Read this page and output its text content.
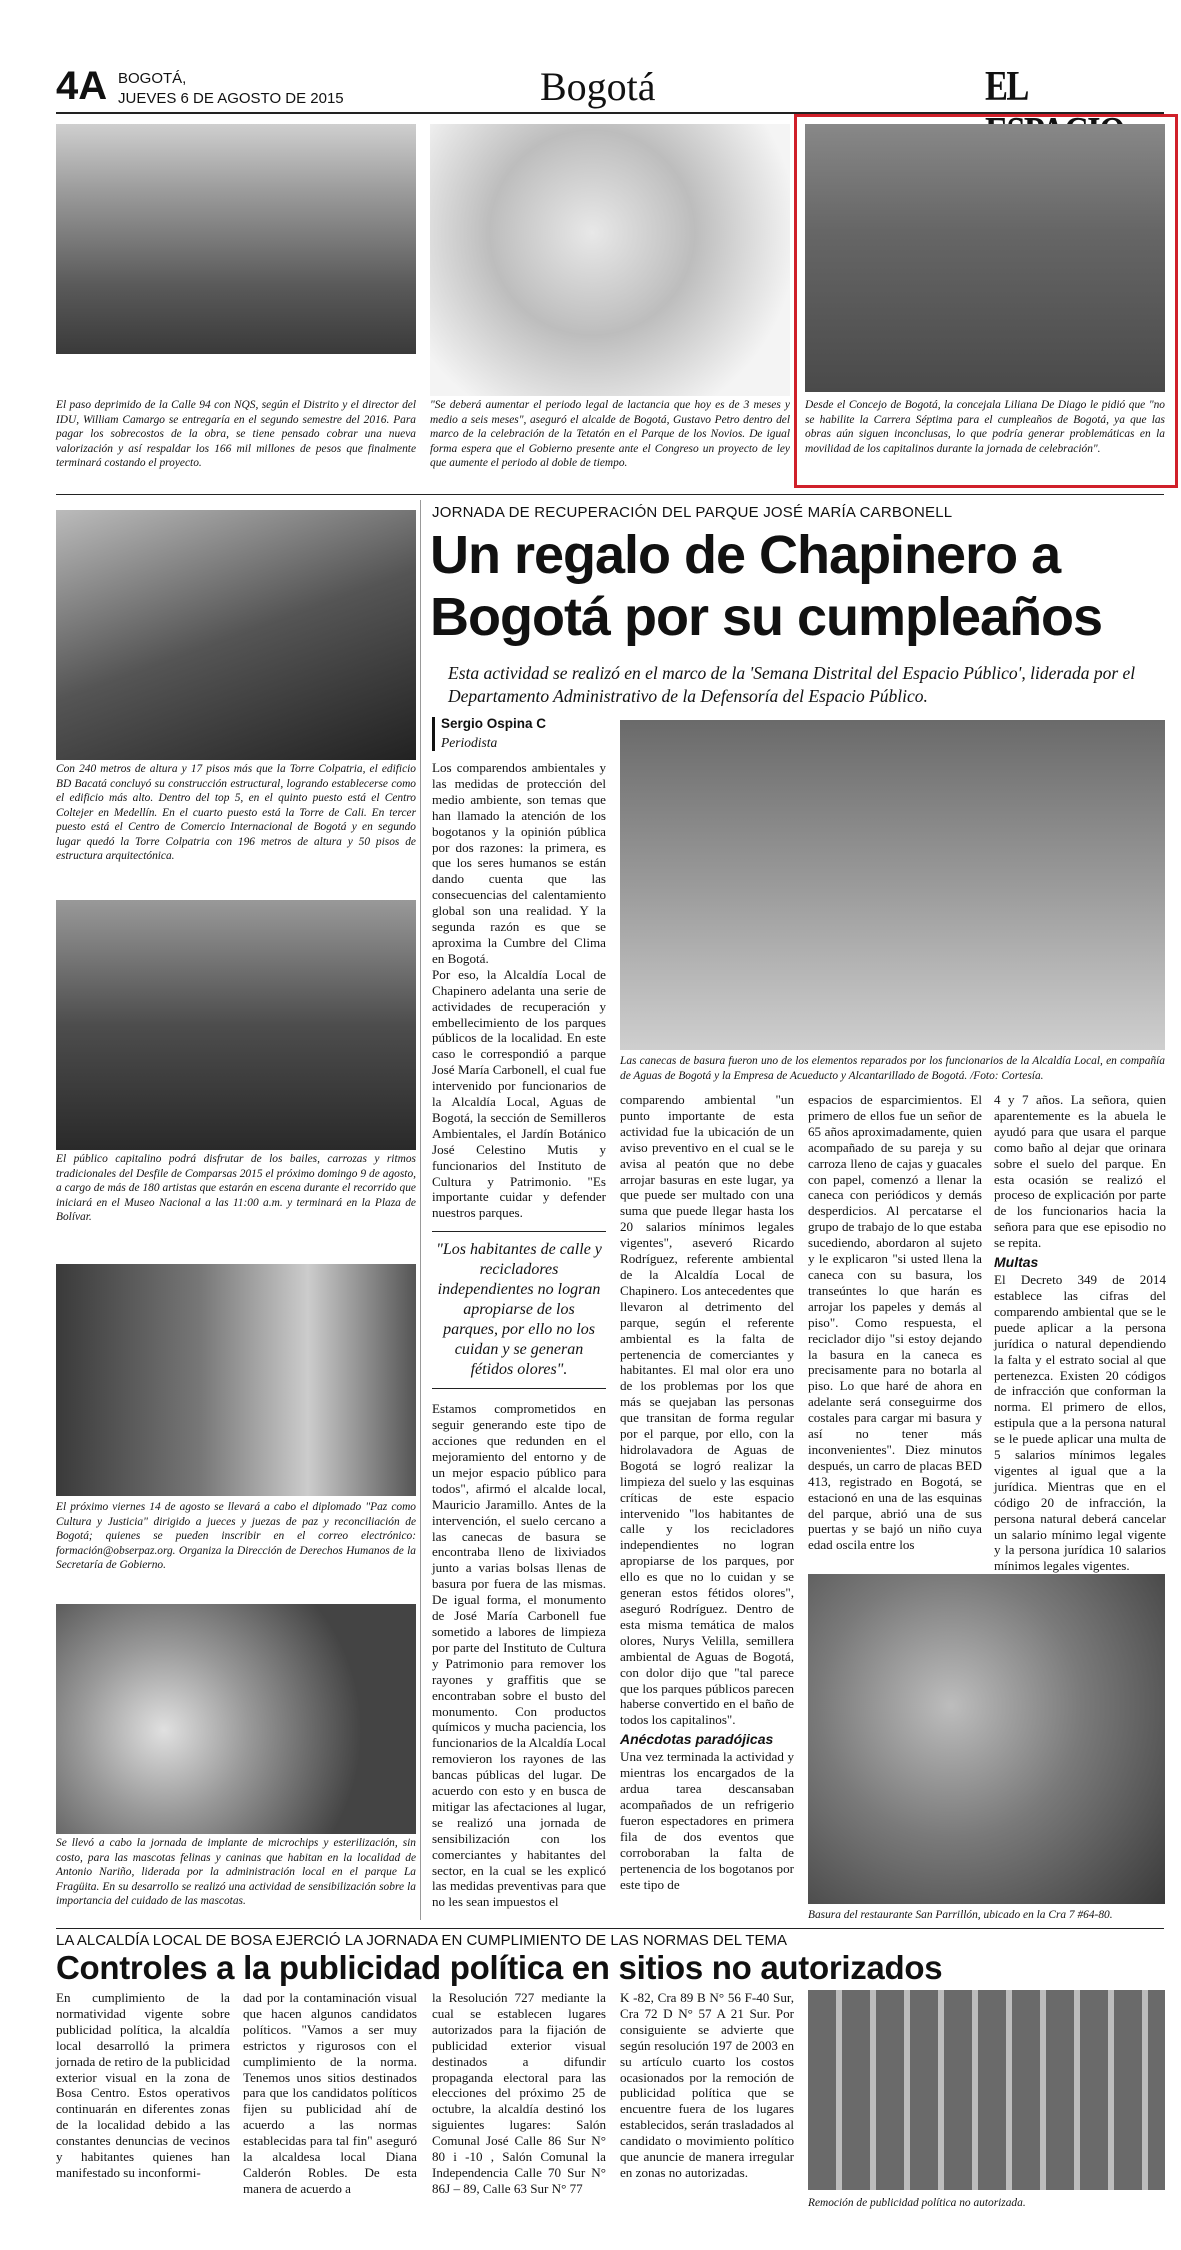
4A BOGOTÁ,
JUEVES 6 DE AGOSTO DE 2015	Bogotá	EL
El paso deprimido de la Calle 94 con NQS, según el Distrito y el director del IDU, William Camargo se entregaría en el segundo semestre del 2016. Para pagar los sobrecostos de la obra, se tiene pensado cobrar una nueva valorización y así respaldar los 166 mil millones de pesos que finalmente terminará costando el proyecto.
"Se deberá aumentar el periodo legal de lactancia que hoy es de 3 meses y medio a seis meses", aseguró el alcalde de Bogotá, Gustavo Petro dentro del marco de la celebración de la Tetatón en el Parque de los Novios. De igual forma espera que el Gobierno presente ante el Congreso un proyecto de ley que aumente el periodo al doble de tiempo.
Desde el Concejo de Bogotá, la concejala Liliana De Diago le pidió que "no se habilite la Carrera Séptima para el cumpleaños de Bogotá, ya que las obras aún siguen inconclusas, lo que podría generar problemáticas en la movilidad de los capitalinos durante la jornada de celebración".
Con 240 metros de altura y 17 pisos más que la Torre Colpatria, el edificio BD Bacatá concluyó su construcción estructural, logrando establecerse como el edificio más alto. Dentro del top 5, en el quinto puesto está el Centro Coltejer en Medellín. En el cuarto puesto está la Torre de Cali. En tercer puesto está el Centro de Comercio Internacional de Bogotá y en segundo lugar quedó la Torre Colpatria con 196 metros de altura y 50 pisos de estructura arquitectónica.
El público capitalino podrá disfrutar de los bailes, carrozas y ritmos tradicionales del Desfile de Comparsas 2015 el próximo domingo 9 de agosto, a cargo de más de 180 artistas que estarán en escena durante el recorrido que iniciará en el Museo Nacional a las 11:00 a.m. y terminará en la Plaza de Bolívar.
El próximo viernes 14 de agosto se llevará a cabo el diplomado "Paz como Cultura y Justicia" dirigido a jueces y juezas de paz y reconciliación de Bogotá; quienes se pueden inscribir en el correo electrónico: formación@obserpaz.org. Organiza la Dirección de Derechos Humanos de la Secretaría de Gobierno.
Se llevó a cabo la jornada de implante de microchips y esterilización, sin costo, para las mascotas felinas y caninas que habitan en la localidad de Antonio Nariño, liderada por la administración local en el parque La Fragüita. En su desarrollo se realizó una actividad de sensibilización sobre la importancia del cuidado de las mascotas.
JORNADA DE RECUPERACIÓN DEL PARQUE JOSÉ MARÍA CARBONELL
Un regalo de Chapinero a Bogotá por su cumpleaños
Esta actividad se realizó en el marco de la 'Semana Distrital del Espacio Público', liderada por el Departamento Administrativo de la Defensoría del Espacio Público.
Sergio Ospina C
Periodista

Los comparendos ambientales y las medidas de protección del medio ambiente, son temas que han llamado la atención de los bogotanos y la opinión pública por dos razones: la primera, es que los seres humanos se están dando cuenta que las consecuencias del calentamiento global son una realidad. Y la segunda razón es que se aproxima la Cumbre del Clima en Bogotá.

Por eso, la Alcaldía Local de Chapinero adelanta una serie de actividades de recuperación y embellecimiento de los parques públicos de la localidad. En este caso le correspondió a parque José María Carbonell, el cual fue intervenido por funcionarios de la Alcaldía Local, Aguas de Bogotá, la sección de Semilleros Ambientales, el Jardín Botánico José Celestino Mutis y funcionarios del Instituto de Cultura y Patrimonio. "Es importante cuidar y defender nuestros parques.

"Los habitantes de calle y recicladores independientes no logran apropiarse de los parques, por ello no los cuidan y se generan fétidos olores".

Estamos comprometidos en seguir generando este tipo de acciones que redunden en el mejoramiento del entorno y de un mejor espacio público para todos", afirmó el alcalde local, Mauricio Jaramillo. Antes de la intervención, el suelo cercano a las canecas de basura se encontraba lleno de lixiviados junto a varias bolsas llenas de basura por fuera de las mismas. De igual forma, el monumento de José María Carbonell fue sometido a labores de limpieza por parte del Instituto de Cultura y Patrimonio para remover los rayones y graffitis que se encontraban sobre el busto del monumento. Con productos químicos y mucha paciencia, los funcionarios de la Alcaldía Local removieron los rayones de las bancas públicas del lugar. De acuerdo con esto y en busca de mitigar las afectaciones al lugar, se realizó una jornada de sensibilización con los comerciantes y habitantes del sector, en la cual se les explicó las medidas preventivas para que no les sean impuestos el

Las canecas de basura fueron uno de los elementos reparados por los funcionarios de la Alcaldía Local, en compañía de Aguas de Bogotá y la Empresa de Acueducto y Alcantarillado de Bogotá. /Foto: Cortesía.

comparendo ambiental "un punto importante de esta actividad fue la ubicación de un aviso preventivo en el cual se le avisa al peatón que no debe arrojar basuras en este lugar, ya que puede ser multado con una suma que puede llegar hasta los 20 salarios mínimos legales vigentes", aseveró Ricardo Rodríguez, referente ambiental de la Alcaldía Local de Chapinero. Los antecedentes que llevaron al detrimento del parque, según el referente ambiental es la falta de pertenencia de comerciantes y habitantes. El mal olor era uno de los problemas por los que más se quejaban las personas que transitan de forma regular por el parque, por ello, con la hidrolavadora de Aguas de Bogotá se logró realizar la limpieza del suelo y las esquinas críticas de este espacio intervenido "los habitantes de calle y los recicladores independientes no logran apropiarse de los parques, por ello es que no lo cuidan y se generan estos fétidos olores", aseguró Rodríguez. Dentro de esta misma temática de malos olores, Nurys Velilla, semillera ambiental de Aguas de Bogotá, con dolor dijo que "tal parece que los parques públicos parecen haberse convertido en el baño de todos los capitalinos".

Anécdotas paradójicas

Una vez terminada la actividad y mientras los encargados de la ardua tarea descansaban acompañados de un refrigerio fueron espectadores en primera fila de dos eventos que corroboraban la falta de pertenencia de los bogotanos por este tipo de

espacios de esparcimientos. El primero de ellos fue un señor de 65 años aproximadamente, quien acompañado de su pareja y su carroza lleno de cajas y guacales con papel, comenzó a llenar la caneca con periódicos y demás desperdicios. Al percatarse el grupo de trabajo de lo que estaba sucediendo, abordaron al sujeto y le explicaron "si usted llena la caneca con su basura, los transeúntes lo que harán es arrojar los papeles y demás al piso". Como respuesta, el reciclador dijo "si estoy dejando la basura en la caneca es precisamente para no botarla al piso. Lo que haré de ahora en adelante será conseguirme dos costales para cargar mi basura y así no tener más inconvenientes". Diez minutos después, un carro de placas BED 413, registrado en Bogotá, se estacionó en una de las esquinas del parque, abrió una de sus puertas y se bajó un niño cuya edad oscila entre los

4 y 7 años. La señora, quien aparentemente es la abuela le ayudó para que usara el parque como baño al dejar que orinara sobre el suelo del parque. En esta ocasión se realizó el proceso de explicación por parte de los funcionarios hacia la señora para que ese episodio no se repita.

Multas

El Decreto 349 de 2014 establece las cifras del comparendo ambiental que se le puede aplicar a la persona jurídica o natural dependiendo la falta y el estrato social al que pertenezca. Existen 20 códigos de infracción que conforman la norma. El primero de ellos, estipula que a la persona natural se le puede aplicar una multa de 5 salarios mínimos legales vigentes al igual que a la jurídica. Mientras que en el código 20 de infracción, la persona natural deberá cancelar un salario mínimo legal vigente y la persona jurídica 10 salarios mínimos legales vigentes.

Basura del restaurante San Parrillón, ubicado en la Cra 7 #64-80.
LA ALCALDÍA LOCAL DE BOSA EJERCIÓ LA JORNADA EN CUMPLIMIENTO DE LAS NORMAS DEL TEMA
Controles a la publicidad política en sitios no autorizados
En cumplimiento de la normatividad vigente sobre publicidad política, la alcaldía local desarrolló la primera jornada de retiro de la publicidad exterior visual en la zona de Bosa Centro. Estos operativos continuarán en diferentes zonas de la localidad debido a las constantes denuncias de vecinos y habitantes quienes han manifestado su inconformi-
dad por la contaminación visual que hacen algunos candidatos políticos. "Vamos a ser muy estrictos y rigurosos con el cumplimiento de la norma. Tenemos unos sitios destinados para que los candidatos políticos fijen su publicidad ahí de acuerdo a las normas establecidas para tal fin" aseguró la alcaldesa local Diana Calderón Robles. De esta manera de acuerdo a
la Resolución 727 mediante la cual se establecen lugares autorizados para la fijación de publicidad exterior visual destinados a difundir propaganda electoral para las elecciones del próximo 25 de octubre, la alcaldía destinó los siguientes lugares: Salón Comunal José Calle 86 Sur N° 80 i -10 , Salón Comunal la Independencia Calle 70 Sur N° 86J – 89, Calle 63 Sur N° 77
K -82, Cra 89 B N° 56 F-40 Sur, Cra 72 D N° 57 A 21 Sur. Por consiguiente se advierte que según resolución 197 de 2003 en su artículo cuarto los costos ocasionados por la remoción de publicidad política que se encuentre fuera de los lugares establecidos, serán trasladados al candidato o movimiento político que anuncie de manera irregular en zonas no autorizadas.
Remoción de publicidad política no autorizada.
